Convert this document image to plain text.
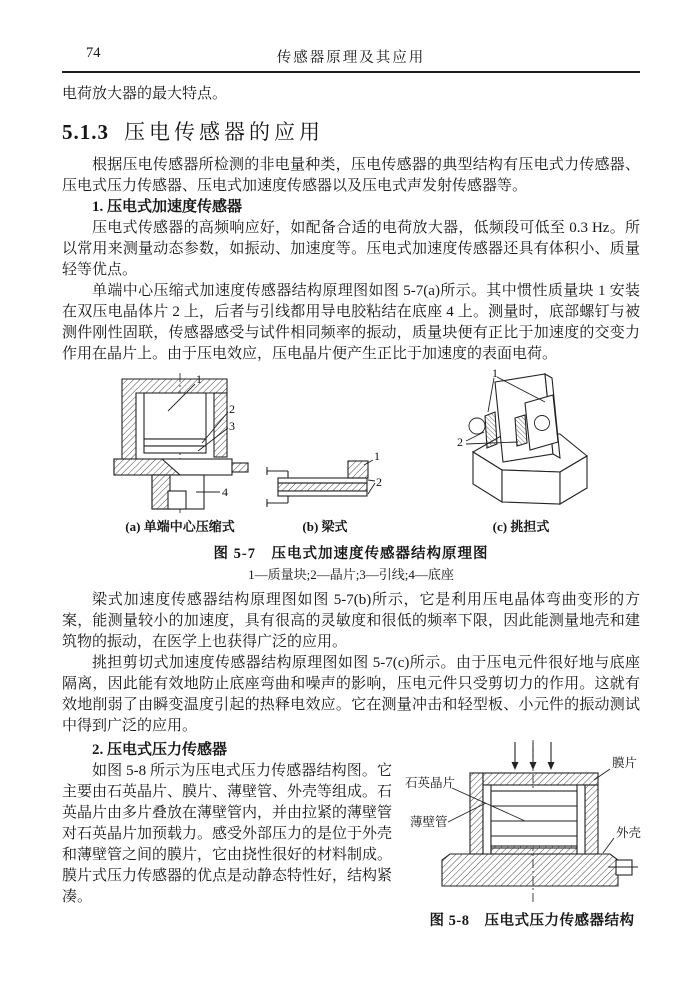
74	传感器原理及其应用

电荷放大器的最大特点。

5.1.3 压电传感器的应用

根据压电传感器所检测的非电量种类，压电传感器的典型结构有压电式力传感器、压电式压力传感器、压电式加速度传感器以及压电式声发射传感器等。

1. 压电式加速度传感器

压电式传感器的高频响应好，如配备合适的电荷放大器，低频段可低至 0.3 Hz。所以常用来测量动态参数，如振动、加速度等。压电式加速度传感器还具有体积小、质量轻等优点。

单端中心压缩式加速度传感器结构原理图如图 5-7(a)所示。其中惯性质量块 1 安装在双压电晶体片 2 上，后者与引线都用导电胶粘结在底座 4 上。测量时，底部螺钉与被测件刚性固联，传感器感受与试件相同频率的振动，质量块便有正比于加速度的交变力作用在晶片上。由于压电效应，压电晶片便产生正比于加速度的表面电荷。

1
2
3
4
1
2
1
2
(a) 单端中心压缩式	(b) 梁式	(c) 挑担式
图 5-7　压电式加速度传感器结构原理图
1—质量块;2—晶片;3—引线;4—底座

梁式加速度传感器结构原理图如图 5-7(b)所示，它是利用压电晶体弯曲变形的方案，能测量较小的加速度，具有很高的灵敏度和很低的频率下限，因此能测量地壳和建筑物的振动，在医学上也获得广泛的应用。

挑担剪切式加速度传感器结构原理图如图 5-7(c)所示。由于压电元件很好地与底座隔离，因此能有效地防止底座弯曲和噪声的影响，压电元件只受剪切力的作用。这就有效地削弱了由瞬变温度引起的热释电效应。它在测量冲击和轻型板、小元件的振动测试中得到广泛的应用。

膜片
石英晶片
薄壁管
外壳
图 5-8　压电式压力传感器结构

2. 压电式压力传感器

如图 5-8 所示为压电式压力传感器结构图。它主要由石英晶片、膜片、薄壁管、外壳等组成。石英晶片由多片叠放在薄壁管内，并由拉紧的薄壁管对石英晶片加预载力。感受外部压力的是位于外壳和薄壁管之间的膜片，它由挠性很好的材料制成。膜片式压力传感器的优点是动静态特性好，结构紧凑。
